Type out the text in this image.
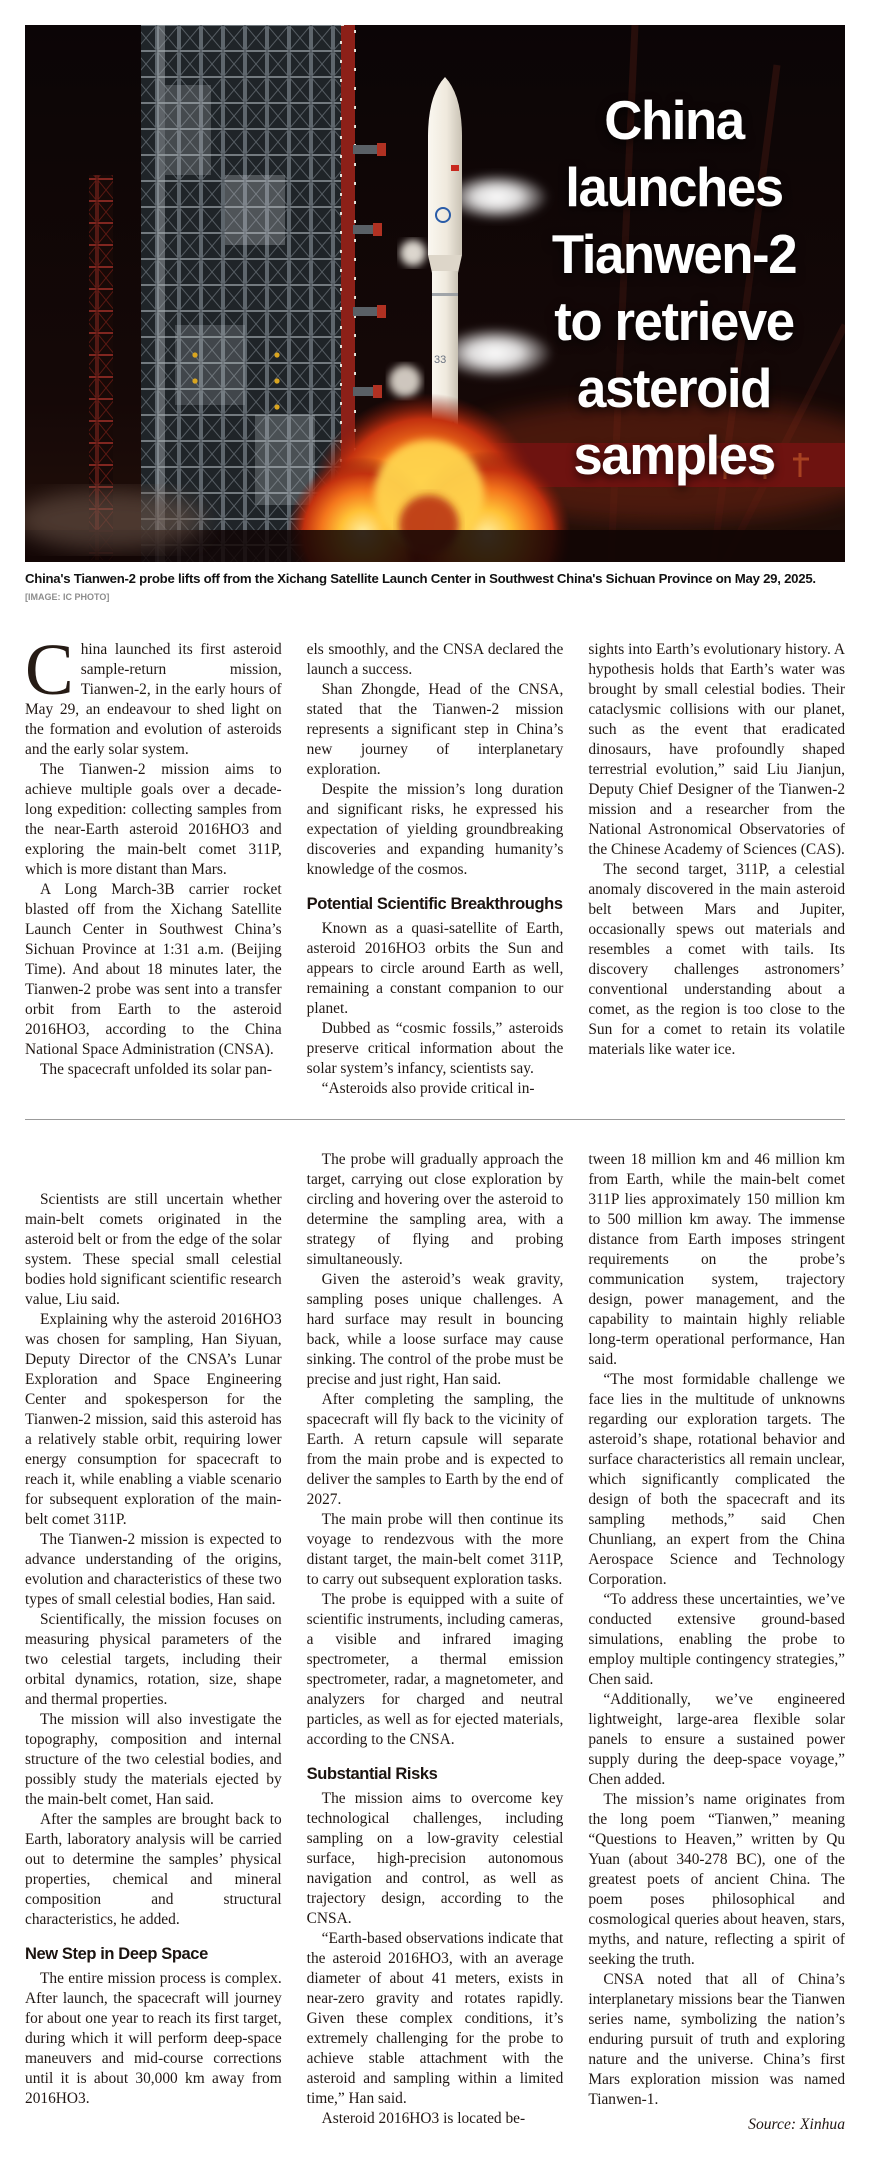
33
China
launches
Tianwen-2
to retrieve
asteroid
samples
China's Tianwen-2 probe lifts off from the Xichang Satellite Launch Center in Southwest China's Sichuan Province on May 29, 2025. [IMAGE: IC PHOTO]

China launched its first asteroid sample-return mission, Tianwen-2, in the early hours of May 29, an endeavour to shed light on the formation and evolution of asteroids and the early solar system.

The Tianwen-2 mission aims to achieve multiple goals over a decade-long expedition: collecting samples from the near-Earth asteroid 2016HO3 and exploring the main-belt comet 311P, which is more distant than Mars.

A Long March-3B carrier rocket blasted off from the Xichang Satellite Launch Center in Southwest China’s Sichuan Province at 1:31 a.m. (Beijing Time). And about 18 minutes later, the Tianwen-2 probe was sent into a transfer orbit from Earth to the asteroid 2016HO3, according to the China National Space Administration (CNSA).

The spacecraft unfolded its solar pan-

els smoothly, and the CNSA declared the launch a success.

Shan Zhongde, Head of the CNSA, stated that the Tianwen-2 mission represents a significant step in China’s new journey of interplanetary exploration.

Despite the mission’s long duration and significant risks, he expressed his expectation of yielding groundbreaking discoveries and expanding humanity’s knowledge of the cosmos.

Potential Scientific Breakthroughs

Known as a quasi-satellite of Earth, asteroid 2016HO3 orbits the Sun and appears to circle around Earth as well, remaining a constant companion to our planet.

Dubbed as “cosmic fossils,” asteroids preserve critical information about the solar system’s infancy, scientists say.

“Asteroids also provide critical in-

sights into Earth’s evolutionary history. A hypothesis holds that Earth’s water was brought by small celestial bodies. Their cataclysmic collisions with our planet, such as the event that eradicated dinosaurs, have profoundly shaped terrestrial evolution,” said Liu Jianjun, Deputy Chief Designer of the Tianwen-2 mission and a researcher from the National Astronomical Observatories of the Chinese Academy of Sciences (CAS).

The second target, 311P, a celestial anomaly discovered in the main asteroid belt between Mars and Jupiter, occasionally spews out materials and resembles a comet with tails. Its discovery challenges astronomers’ conventional understanding about a comet, as the region is too close to the Sun for a comet to retain its volatile materials like water ice.

Scientists are still uncertain whether main-belt comets originated in the asteroid belt or from the edge of the solar system. These special small celestial bodies hold significant scientific research value, Liu said.

Explaining why the asteroid 2016HO3 was chosen for sampling, Han Siyuan, Deputy Director of the CNSA’s Lunar Exploration and Space Engineering Center and spokesperson for the Tianwen-2 mission, said this asteroid has a relatively stable orbit, requiring lower energy consumption for spacecraft to reach it, while enabling a viable scenario for subsequent exploration of the main-belt comet 311P.

The Tianwen-2 mission is expected to advance understanding of the origins, evolution and characteristics of these two types of small celestial bodies, Han said.

Scientifically, the mission focuses on measuring physical parameters of the two celestial targets, including their orbital dynamics, rotation, size, shape and thermal properties.

The mission will also investigate the topography, composition and internal structure of the two celestial bodies, and possibly study the materials ejected by the main-belt comet, Han said.

After the samples are brought back to Earth, laboratory analysis will be carried out to determine the samples’ physical properties, chemical and mineral composition and structural characteristics, he added.

New Step in Deep Space

The entire mission process is complex. After launch, the spacecraft will journey for about one year to reach its first target, during which it will perform deep-space maneuvers and mid-course corrections until it is about 30,000 km away from 2016HO3.

The probe will gradually approach the target, carrying out close exploration by circling and hovering over the asteroid to determine the sampling area, with a strategy of flying and probing simultaneously.

Given the asteroid’s weak gravity, sampling poses unique challenges. A hard surface may result in bouncing back, while a loose surface may cause sinking. The control of the probe must be precise and just right, Han said.

After completing the sampling, the spacecraft will fly back to the vicinity of Earth. A return capsule will separate from the main probe and is expected to deliver the samples to Earth by the end of 2027.

The main probe will then continue its voyage to rendezvous with the more distant target, the main-belt comet 311P, to carry out subsequent exploration tasks.

The probe is equipped with a suite of scientific instruments, including cameras, a visible and infrared imaging spectrometer, a thermal emission spectrometer, radar, a magnetometer, and analyzers for charged and neutral particles, as well as for ejected materials, according to the CNSA.

Substantial Risks

The mission aims to overcome key technological challenges, including sampling on a low-gravity celestial surface, high-precision autonomous navigation and control, as well as trajectory design, according to the CNSA.

“Earth-based observations indicate that the asteroid 2016HO3, with an average diameter of about 41 meters, exists in near-zero gravity and rotates rapidly. Given these complex conditions, it’s extremely challenging for the probe to achieve stable attachment with the asteroid and sampling within a limited time,” Han said.

Asteroid 2016HO3 is located be-

tween 18 million km and 46 million km from Earth, while the main-belt comet 311P lies approximately 150 million km to 500 million km away. The immense distance from Earth imposes stringent requirements on the probe’s communication system, trajectory design, power management, and the capability to maintain highly reliable long-term operational performance, Han said.

“The most formidable challenge we face lies in the multitude of unknowns regarding our exploration targets. The asteroid’s shape, rotational behavior and surface characteristics all remain unclear, which significantly complicated the design of both the spacecraft and its sampling methods,” said Chen Chunliang, an expert from the China Aerospace Science and Technology Corporation.

“To address these uncertainties, we’ve conducted extensive ground-based simulations, enabling the probe to employ multiple contingency strategies,” Chen said.

“Additionally, we’ve engineered lightweight, large-area flexible solar panels to ensure a sustained power supply during the deep-space voyage,” Chen added.

The mission’s name originates from the long poem “Tianwen,” meaning “Questions to Heaven,” written by Qu Yuan (about 340-278 BC), one of the greatest poets of ancient China. The poem poses philosophical and cosmological queries about heaven, stars, myths, and nature, reflecting a spirit of seeking the truth.

CNSA noted that all of China’s interplanetary missions bear the Tianwen series name, symbolizing the nation’s enduring pursuit of truth and exploring nature and the universe. China’s first Mars exploration mission was named Tianwen-1.

Source: Xinhua
